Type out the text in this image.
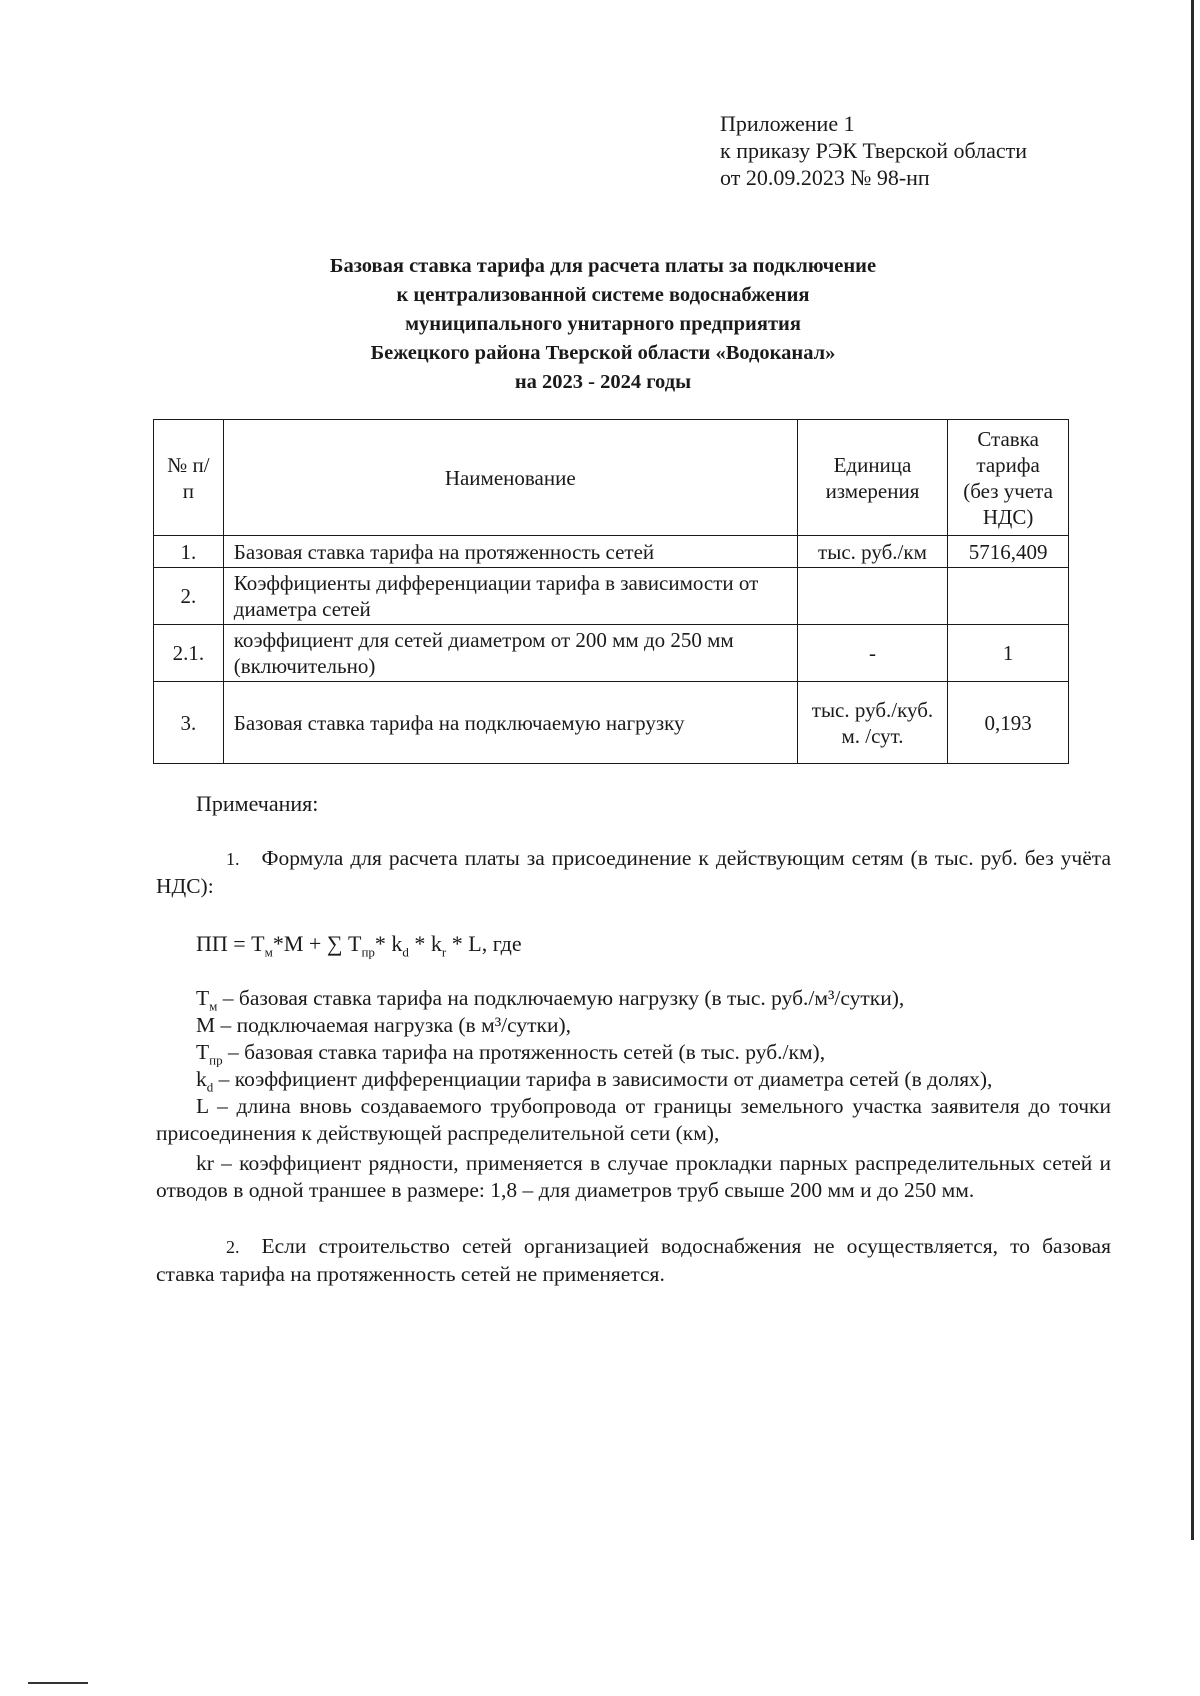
Приложение 1
к приказу РЭК Тверской области
от 20.09.2023 № 98-нп
Базовая ставка тарифа для расчета платы за подключение
к централизованной системе водоснабжения
муниципального унитарного предприятия
Бежецкого района Тверской области «Водоканал»
на 2023 - 2024 годы
№ п/п	Наименование	Единица измерения	Ставка тарифа (без учета НДС)
1.	Базовая ставка тарифа на протяженность сетей	тыс. руб./км	5716,409
2.	Коэффициенты дифференциации тарифа в зависимости от диаметра сетей		
2.1.	коэффициент для сетей диаметром от 200 мм до 250 мм (включительно)	-	1
3.	Базовая ставка тарифа на подключаемую нагрузку	тыс. руб./куб. м. /сут.	0,193
Примечания:
1. Формула для расчета платы за присоединение к действующим сетям (в тыс. руб. без учёта НДС):
ПП = $Т_м*М$ + ∑ $Т_{пр}*$ $k_d * k_r$ * L, где
$Т_м$ – базовая ставка тарифа на подключаемую нагрузку (в тыс. руб./м³/сутки),
М – подключаемая нагрузка (в м³/сутки),
$Т_{пр}$ – базовая ставка тарифа на протяженность сетей (в тыс. руб./км),
$k_d$ – коэффициент дифференциации тарифа в зависимости от диаметра сетей (в долях),
L – длина вновь создаваемого трубопровода от границы земельного участка заявителя до точки присоединения к действующей распределительной сети (км),
kr – коэффициент рядности, применяется в случае прокладки парных распределительных сетей и отводов в одной траншее в размере: 1,8 – для диаметров труб свыше 200 мм и до 250 мм.
2. Если строительство сетей организацией водоснабжения не осуществляется, то базовая ставка тарифа на протяженность сетей не применяется.
